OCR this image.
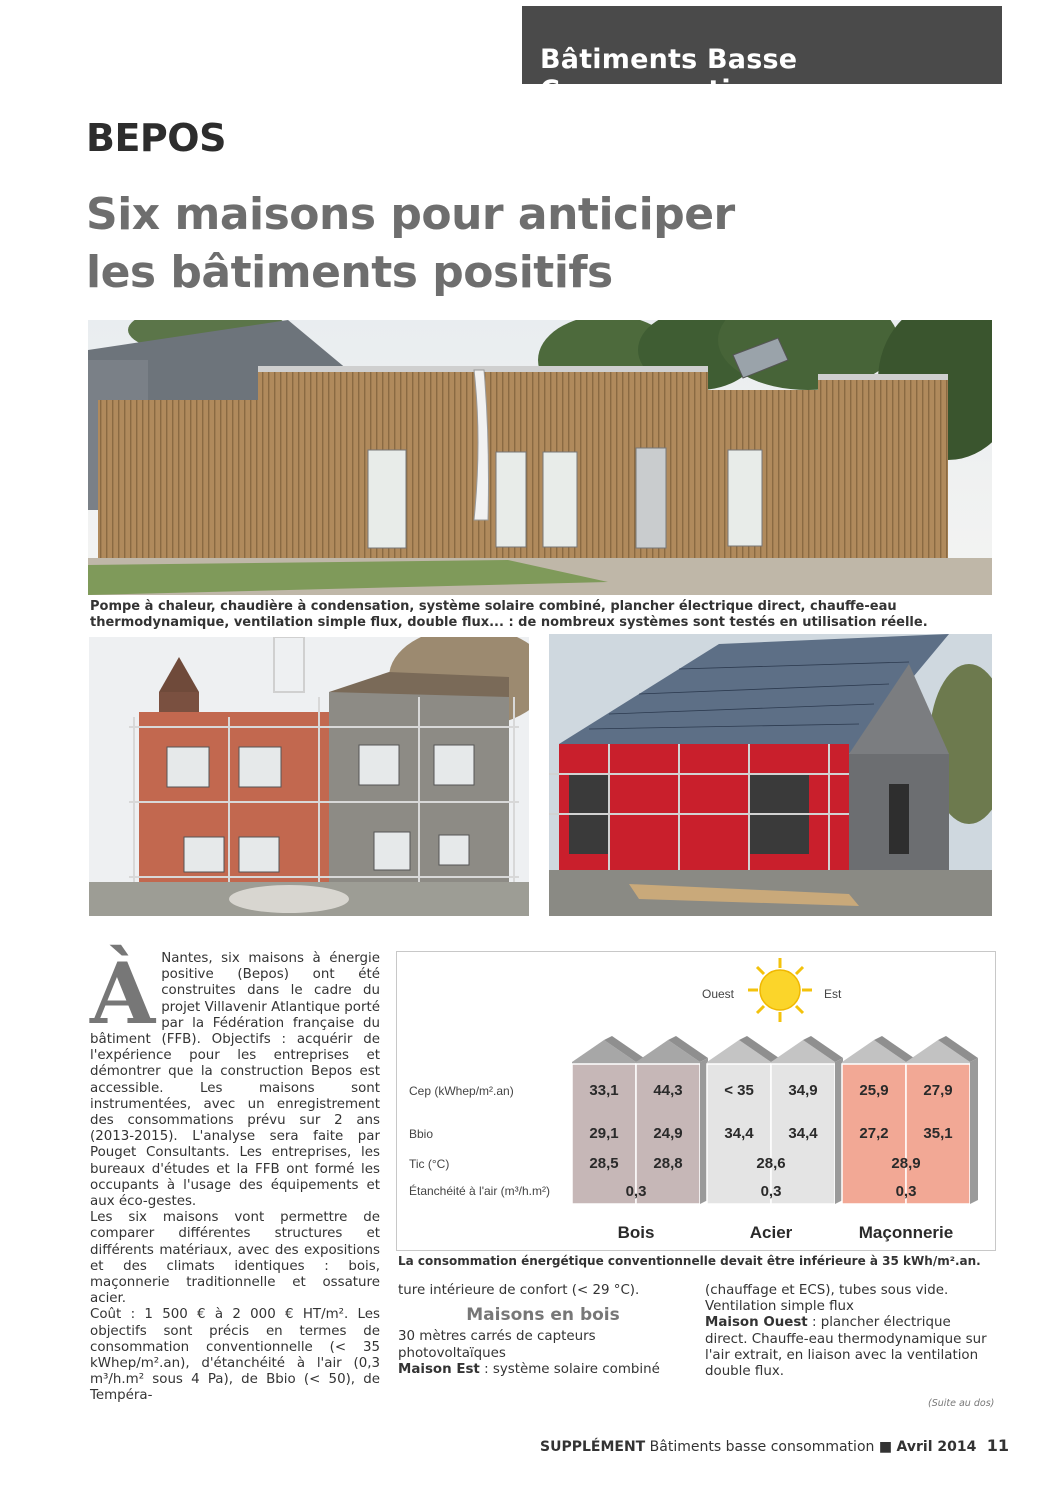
Bâtiments Basse Consommation
BEPOS
Six maisons pour anticiper
les bâtiments positifs
Pompe à chaleur, chaudière à condensation, système solaire combiné, plancher électrique direct, chauffe-eau thermodynamique, ventilation simple flux, double flux... : de nombreux systèmes sont testés en utilisation réelle.
À Nantes, six maisons à énergie positive (Bepos) ont été construites dans le cadre du projet Villavenir Atlantique porté par la Fédération française du bâtiment (FFB). Objectifs : acquérir de l'expérience pour les entreprises et démontrer que la construction Bepos est accessible. Les maisons sont instrumentées, avec un enregistrement des consommations prévu sur 2 ans (2013-2015). L'analyse sera faite par Pouget Consultants. Les entreprises, les bureaux d'études et la FFB ont formé les occupants à l'usage des équipements et aux éco-gestes.

Les six maisons vont permettre de comparer différentes structures et différents matériaux, avec des expositions et des climats identiques : bois, maçonnerie traditionnelle et ossature acier.

Coût : 1 500 € à 2 000 € HT/m². Les objectifs sont précis en termes de consommation conventionnelle (< 35 kWhep/m².an), d'étanchéité à l'air (0,3 m³/h.m² sous 4 Pa), de Bbio (< 50), de Tempéra-

Ouest	Est
33,1 44,3
29,1 24,9
28,5 28,8
0,3
Bois
< 35 34,9
34,4 34,4
28,6
0,3
Acier
25,9 27,9
27,2 35,1
28,9
0,3
Maçonnerie
Cep (kWhep/m².an)
Bbio
Tic (°C)
Étanchéité à l'air (m³/h.m²)
La consommation énergétique conventionnelle devait être inférieure à 35 kWh/m².an.

ture intérieure de confort (< 29 °C).

Maisons en bois

30 mètres carrés de capteurs photovoltaïques

Maison Est : système solaire combiné

(chauffage et ECS), tubes sous vide. Ventilation simple flux

Maison Ouest : plancher électrique direct. Chauffe-eau thermodynamique sur l'air extrait, en liaison avec la ventilation double flux.

(Suite au dos)
SUPPLÉMENT Bâtiments basse consommation ■ Avril 2014 11
